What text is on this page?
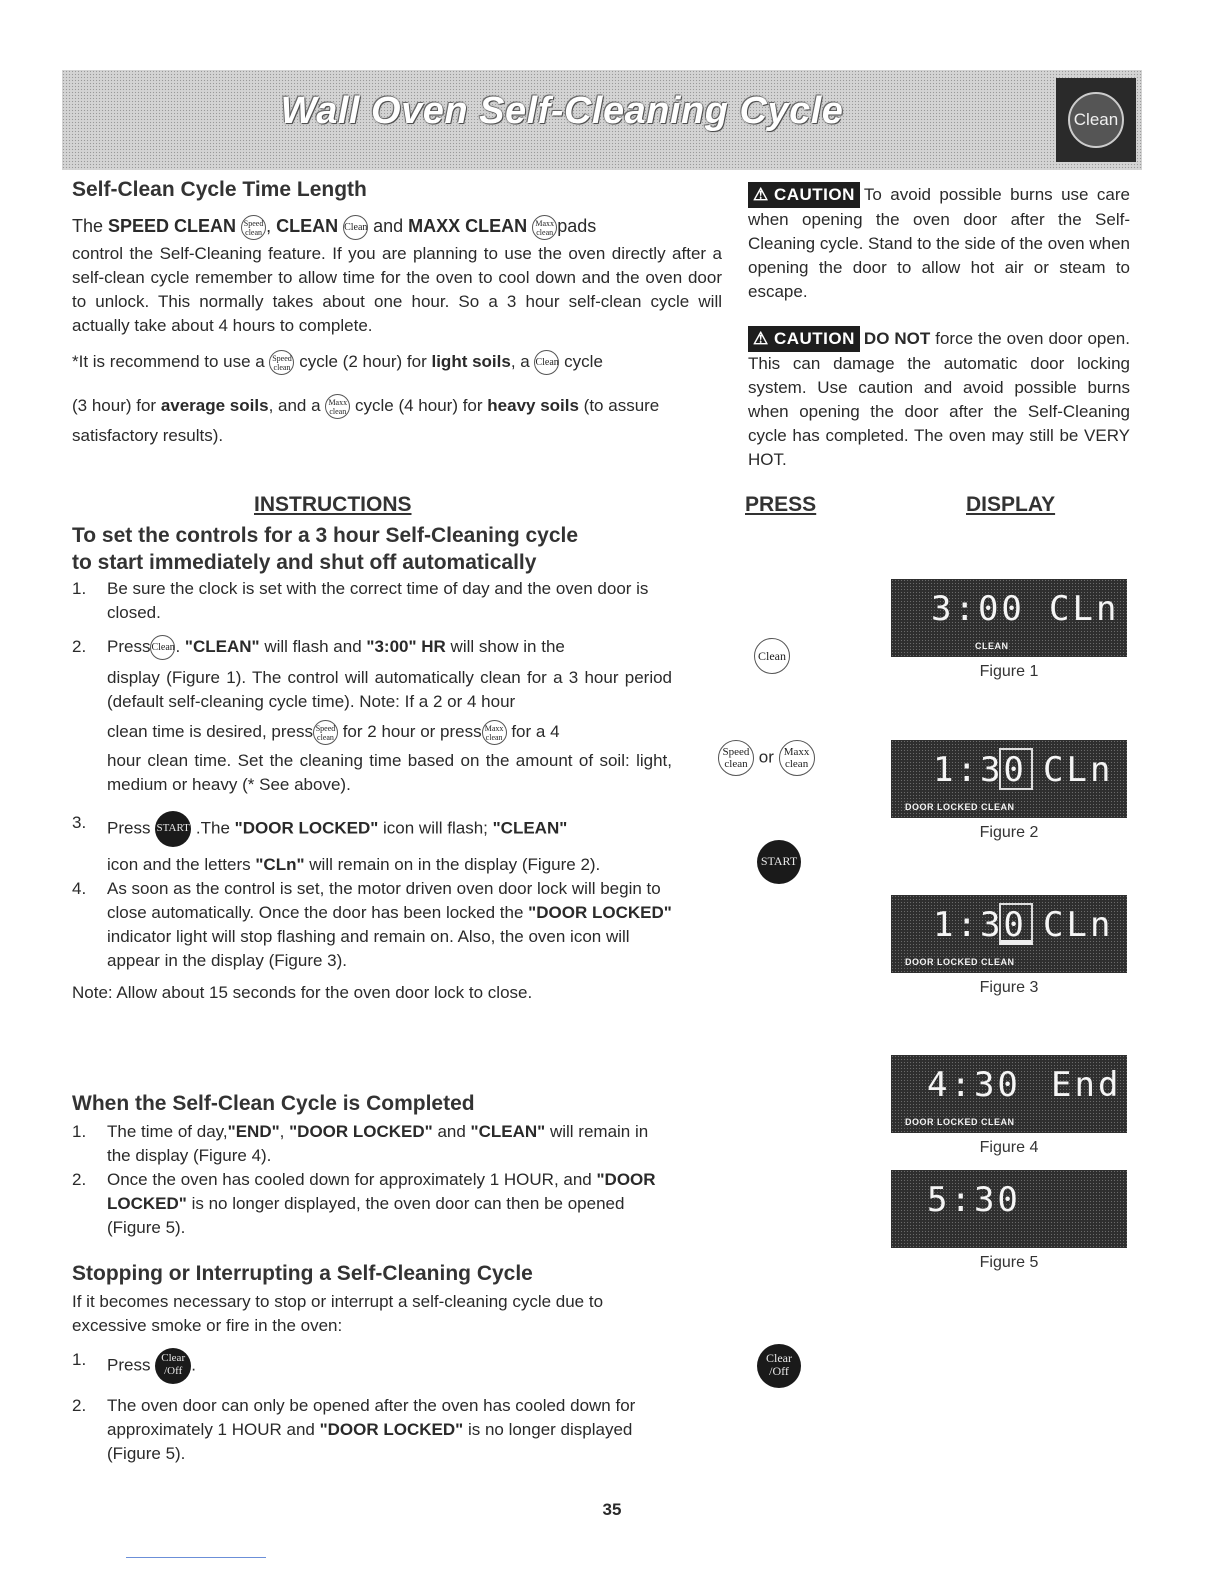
Wall Oven Self-Cleaning Cycle	Clean
Self-Clean Cycle Time Length

The SPEED CLEAN Speed
clean , CLEAN Clean and MAXX CLEAN Maxx
clean pads

control the Self-Cleaning feature. If you are planning to use the oven directly after a self-clean cycle remember to allow time for the oven to cool down and the oven door to unlock. This normally takes about one hour. So a 3 hour self-clean cycle will actually take about 4 hours to complete.

*It is recommend to use a Speed
clean cycle (2 hour) for light soils, a Clean cycle

(3 hour) for average soils, and a Maxx
clean cycle (4 hour) for heavy soils (to assure satisfactory results).

⚠ CAUTION To avoid possible burns use care when opening the oven door after the Self-Cleaning cycle. Stand to the side of the oven when opening the door to allow hot air or steam to escape.

⚠ CAUTION DO NOT force the oven door open. This can damage the automatic door locking system. Use caution and avoid possible burns when opening the door after the Self-Cleaning cycle has completed. The oven may still be VERY HOT.

INSTRUCTIONS	PRESS	DISPLAY
To set the controls for a 3 hour Self-Cleaning cycle
to start immediately and shut off automatically
1. Be sure the clock is set with the correct time of day and the oven door is closed.
2. PressClean. "CLEAN" will flash and "3:00" HR will show in the
display (Figure 1). The control will automatically clean for a 3 hour period (default self-cleaning cycle time). Note: If a 2 or 4 hour
clean time is desired, press Speed
clean for 2 hour or press Maxx
clean for a 4
hour clean time. Set the cleaning time based on the amount of soil: light, medium or heavy (* See above).
3. Press START .The "DOOR LOCKED" icon will flash; "CLEAN"
icon and the letters "CLn" will remain on in the display (Figure 2).
4. As soon as the control is set, the motor driven oven door lock will begin to close automatically. Once the door has been locked the "DOOR LOCKED" indicator light will stop flashing and remain on. Also, the oven icon will appear in the display (Figure 3).

Note: Allow about 15 seconds for the oven door lock to close.

When the Self-Clean Cycle is Completed
1. The time of day,"END", "DOOR LOCKED" and "CLEAN" will remain in the display (Figure 4).
2. Once the oven has cooled down for approximately 1 HOUR, and "DOOR LOCKED" is no longer displayed, the oven door can then be opened (Figure 5).
Stopping or Interrupting a Self-Cleaning Cycle

If it becomes necessary to stop or interrupt a self-cleaning cycle due to excessive smoke or fire in the oven:

1. Press Clear
/Off .
2. The oven door can only be opened after the oven has cooled down for approximately 1 HOUR and "DOOR LOCKED" is no longer displayed (Figure 5).
Clean
Speed
clean or Maxx
clean
START
Clear
/Off
3:00 CLn
CLEAN
Figure 1
1:30 CLn
DOOR LOCKED CLEAN
Figure 2
1:30 CLn
DOOR LOCKED CLEAN
Figure 3
4:30 End
DOOR LOCKED CLEAN
Figure 4
5:30
Figure 5
35
